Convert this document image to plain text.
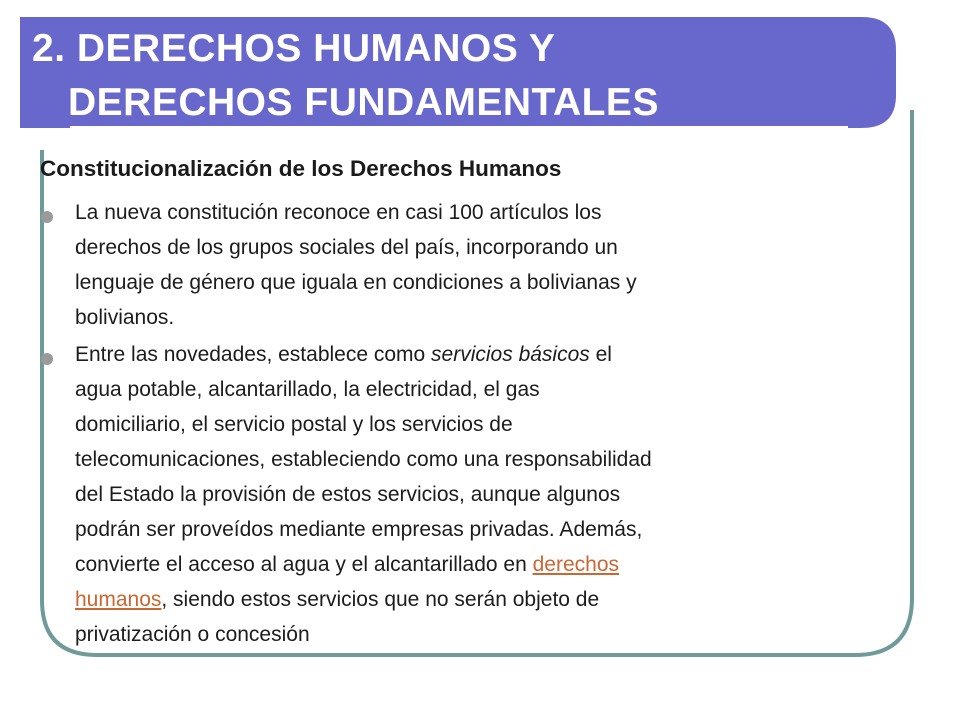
2. DERECHOS HUMANOS Y
DERECHOS FUNDAMENTALES
Constitucionalización de los Derechos Humanos
La nueva constitución reconoce en casi 100 artículos los
derechos de los grupos sociales del país, incorporando un
lenguaje de género que iguala en condiciones a bolivianas y
bolivianos.
Entre las novedades, establece como servicios básicos el
agua potable, alcantarillado, la electricidad, el gas
domiciliario, el servicio postal y los servicios de
telecomunicaciones, estableciendo como una responsabilidad
del Estado la provisión de estos servicios, aunque algunos
podrán ser proveídos mediante empresas privadas. Además,
convierte el acceso al agua y el alcantarillado en derechos
humanos, siendo estos servicios que no serán objeto de
privatización o concesión
